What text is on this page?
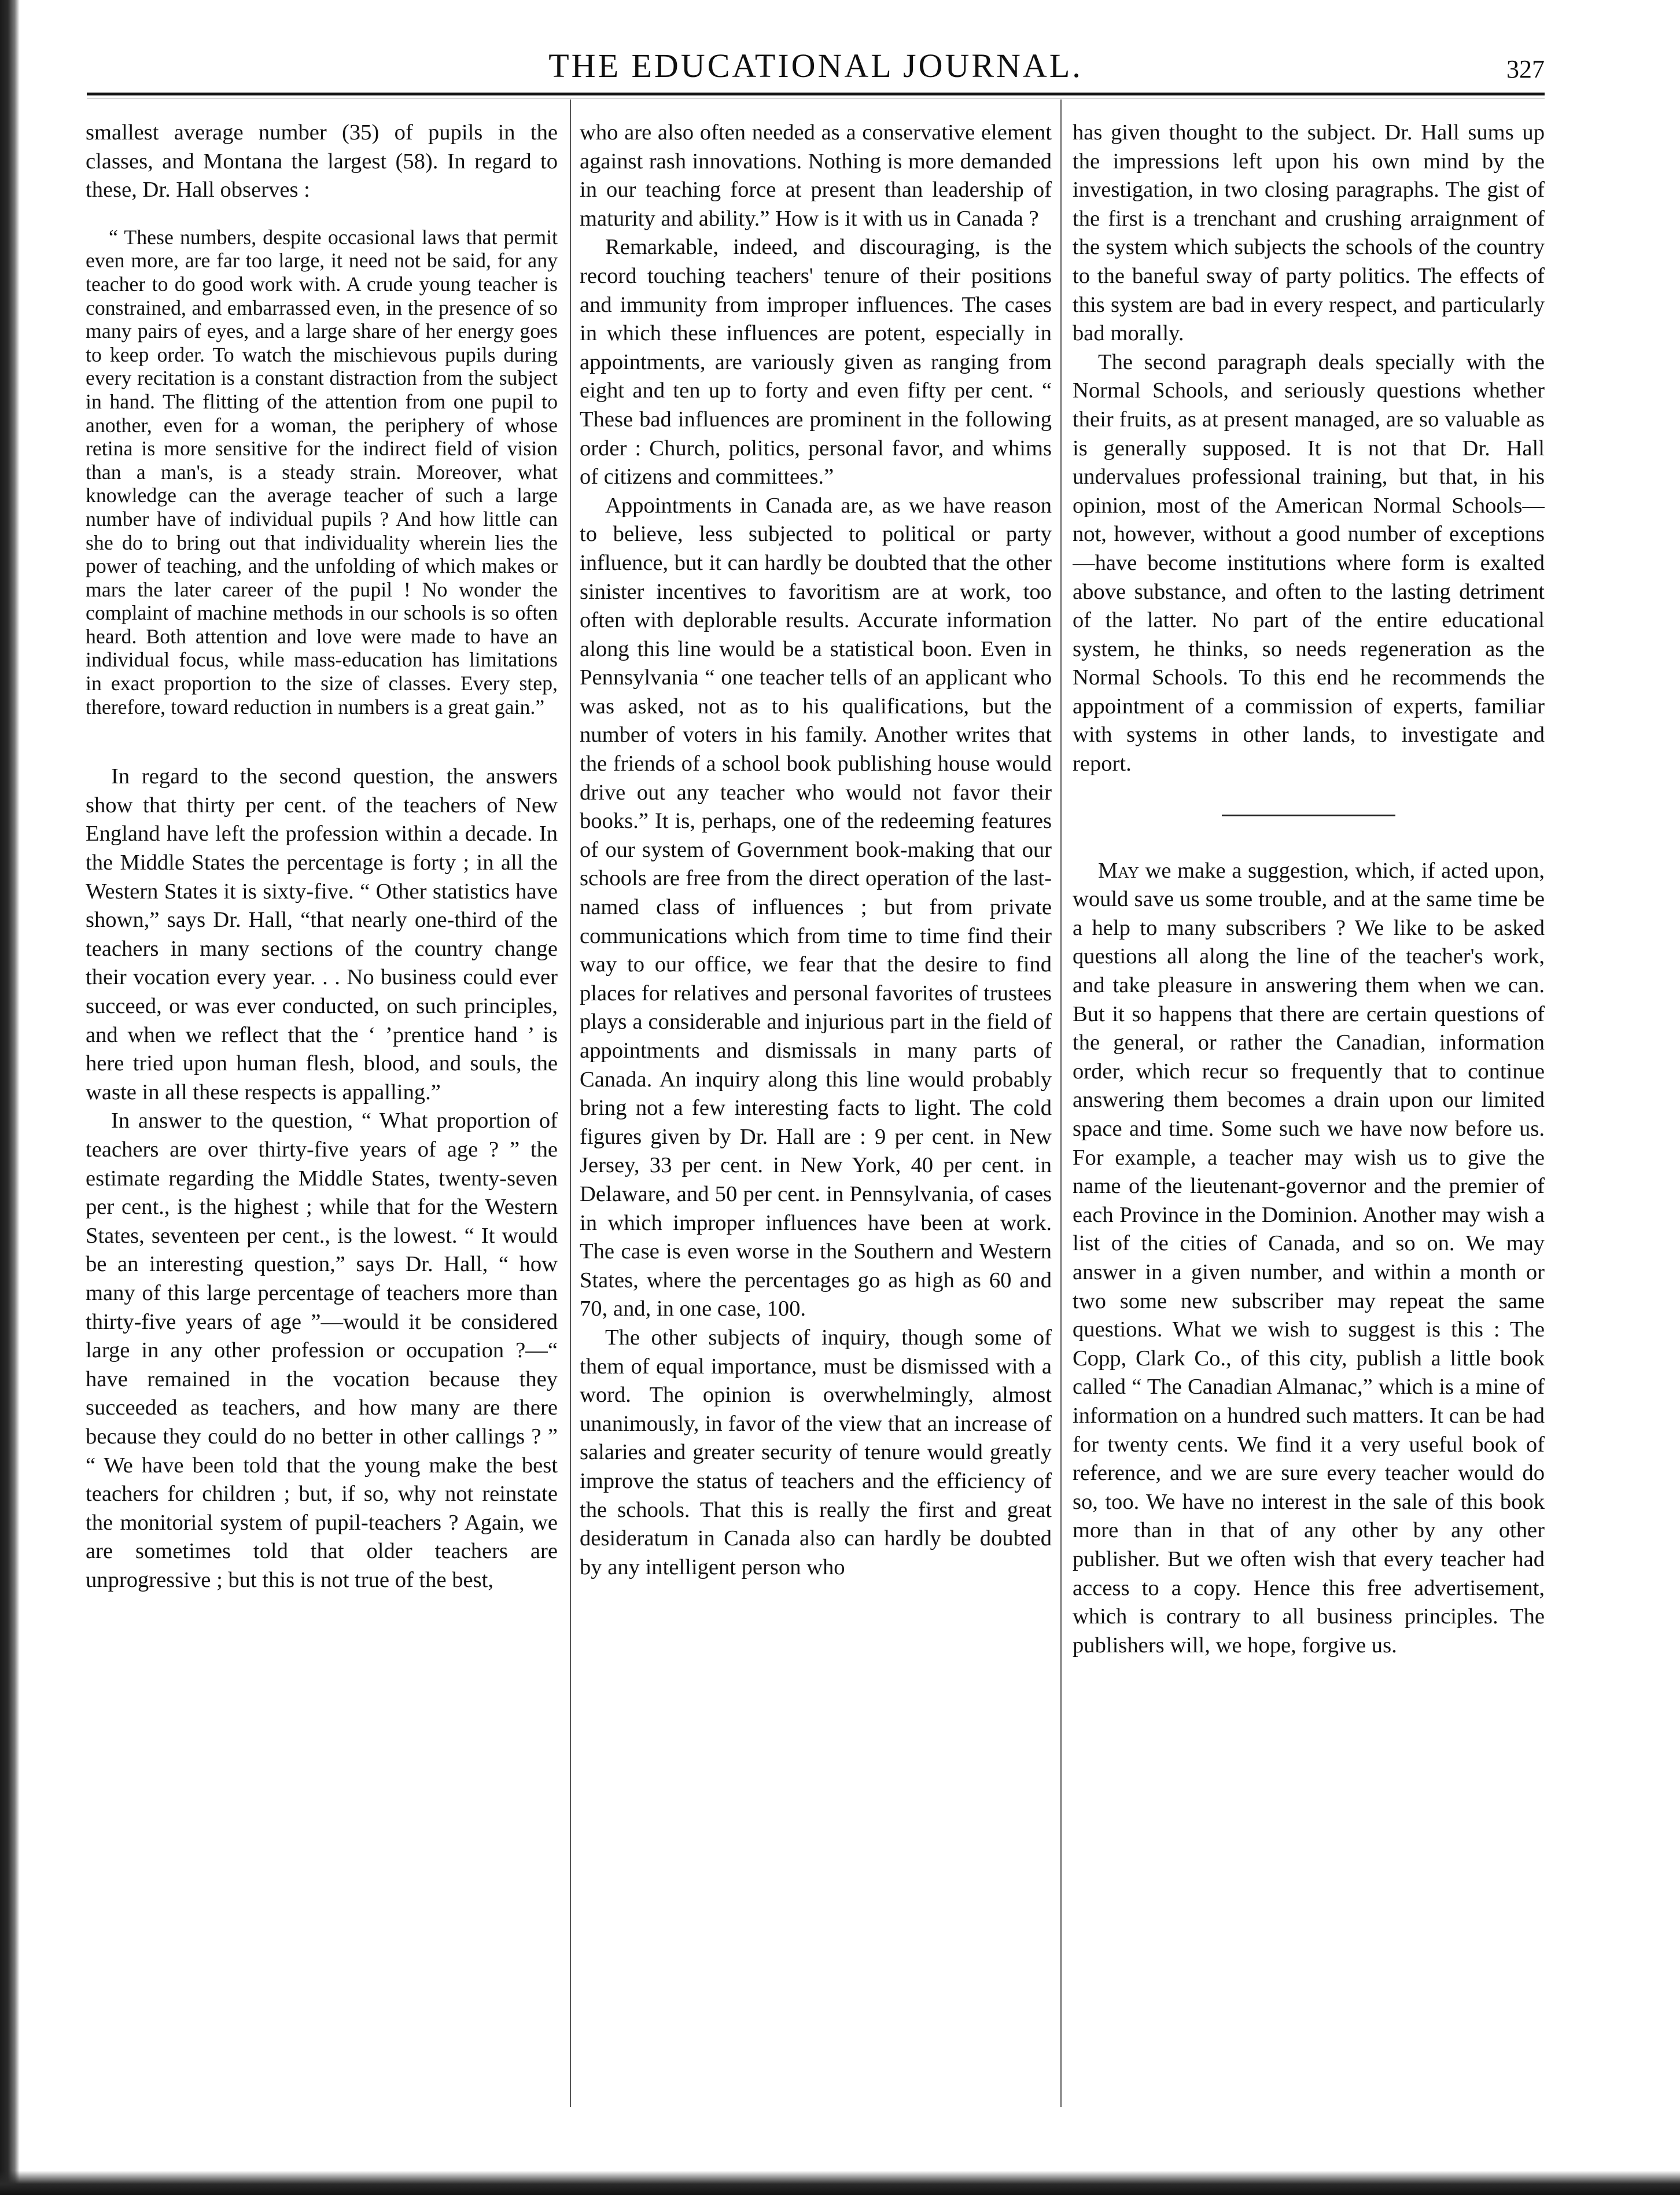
THE EDUCATIONAL JOURNAL.	327

smallest average number (35) of pupils in the classes, and Montana the largest (58). In regard to these, Dr. Hall observes :

“ These numbers, despite occasional laws that permit even more, are far too large, it need not be said, for any teacher to do good work with. A crude young teacher is constrained, and embarrassed even, in the presence of so many pairs of eyes, and a large share of her energy goes to keep order. To watch the mischievous pupils during every recitation is a constant distraction from the subject in hand. The flitting of the attention from one pupil to another, even for a woman, the periphery of whose retina is more sensitive for the indirect field of vision than a man's, is a steady strain. Moreover, what knowledge can the average teacher of such a large number have of individual pupils ? And how little can she do to bring out that individuality wherein lies the power of teaching, and the unfolding of which makes or mars the later career of the pupil ! No wonder the complaint of machine methods in our schools is so often heard. Both attention and love were made to have an individual focus, while mass-education has limitations in exact proportion to the size of classes. Every step, therefore, toward reduction in numbers is a great gain.”

In regard to the second question, the answers show that thirty per cent. of the teachers of New England have left the profession within a decade. In the Middle States the percentage is forty ; in all the Western States it is sixty-five. “ Other statistics have shown,” says Dr. Hall, “that nearly one-third of the teachers in many sections of the country change their vocation every year. . . No business could ever succeed, or was ever conducted, on such principles, and when we reflect that the ‘ ’prentice hand ’ is here tried upon human flesh, blood, and souls, the waste in all these respects is appalling.”

In answer to the question, “ What proportion of teachers are over thirty-five years of age ? ” the estimate regarding the Middle States, twenty-seven per cent., is the highest ; while that for the Western States, seventeen per cent., is the lowest. “ It would be an interesting question,” says Dr. Hall, “ how many of this large percentage of teachers more than thirty-five years of age ”—would it be considered large in any other profession or occupation ?—“ have remained in the vocation because they succeeded as teachers, and how many are there because they could do no better in other callings ? ” “ We have been told that the young make the best teachers for children ; but, if so, why not reinstate the monitorial system of pupil-teachers ? Again, we are sometimes told that older teachers are unprogressive ; but this is not true of the best,

who are also often needed as a conservative element against rash innovations. Nothing is more demanded in our teaching force at present than leadership of maturity and ability.” How is it with us in Canada ?

Remarkable, indeed, and discouraging, is the record touching teachers' tenure of their positions and immunity from improper influences. The cases in which these influences are potent, especially in appointments, are variously given as ranging from eight and ten up to forty and even fifty per cent. “ These bad influences are prominent in the following order : Church, politics, personal favor, and whims of citizens and committees.”

Appointments in Canada are, as we have reason to believe, less subjected to political or party influence, but it can hardly be doubted that the other sinister incentives to favoritism are at work, too often with deplorable results. Accurate information along this line would be a statistical boon. Even in Pennsylvania “ one teacher tells of an applicant who was asked, not as to his qualifications, but the number of voters in his family. Another writes that the friends of a school book publishing house would drive out any teacher who would not favor their books.” It is, perhaps, one of the redeeming features of our system of Government book-making that our schools are free from the direct operation of the last-named class of influences ; but from private communications which from time to time find their way to our office, we fear that the desire to find places for relatives and personal favorites of trustees plays a considerable and injurious part in the field of appointments and dismissals in many parts of Canada. An inquiry along this line would probably bring not a few interesting facts to light. The cold figures given by Dr. Hall are : 9 per cent. in New Jersey, 33 per cent. in New York, 40 per cent. in Delaware, and 50 per cent. in Pennsylvania, of cases in which improper influences have been at work. The case is even worse in the Southern and Western States, where the percentages go as high as 60 and 70, and, in one case, 100.

The other subjects of inquiry, though some of them of equal importance, must be dismissed with a word. The opinion is overwhelmingly, almost unanimously, in favor of the view that an increase of salaries and greater security of tenure would greatly improve the status of teachers and the efficiency of the schools. That this is really the first and great desideratum in Canada also can hardly be doubted by any intelligent person who

has given thought to the subject. Dr. Hall sums up the impressions left upon his own mind by the investigation, in two closing paragraphs. The gist of the first is a trenchant and crushing arraignment of the system which subjects the schools of the country to the baneful sway of party politics. The effects of this system are bad in every respect, and particularly bad morally.

The second paragraph deals specially with the Normal Schools, and seriously questions whether their fruits, as at present managed, are so valuable as is generally supposed. It is not that Dr. Hall undervalues professional training, but that, in his opinion, most of the American Normal Schools—not, however, without a good number of exceptions—have become institutions where form is exalted above substance, and often to the lasting detriment of the latter. No part of the entire educational system, he thinks, so needs regeneration as the Normal Schools. To this end he recommends the appointment of a commission of experts, familiar with systems in other lands, to investigate and report.

May we make a suggestion, which, if acted upon, would save us some trouble, and at the same time be a help to many subscribers ? We like to be asked questions all along the line of the teacher's work, and take pleasure in answering them when we can. But it so happens that there are certain questions of the general, or rather the Canadian, information order, which recur so frequently that to continue answering them becomes a drain upon our limited space and time. Some such we have now before us. For example, a teacher may wish us to give the name of the lieutenant-governor and the premier of each Province in the Dominion. Another may wish a list of the cities of Canada, and so on. We may answer in a given number, and within a month or two some new subscriber may repeat the same questions. What we wish to suggest is this : The Copp, Clark Co., of this city, publish a little book called “ The Canadian Almanac,” which is a mine of information on a hundred such matters. It can be had for twenty cents. We find it a very useful book of reference, and we are sure every teacher would do so, too. We have no interest in the sale of this book more than in that of any other by any other publisher. But we often wish that every teacher had access to a copy. Hence this free advertisement, which is contrary to all business principles. The publishers will, we hope, forgive us.
